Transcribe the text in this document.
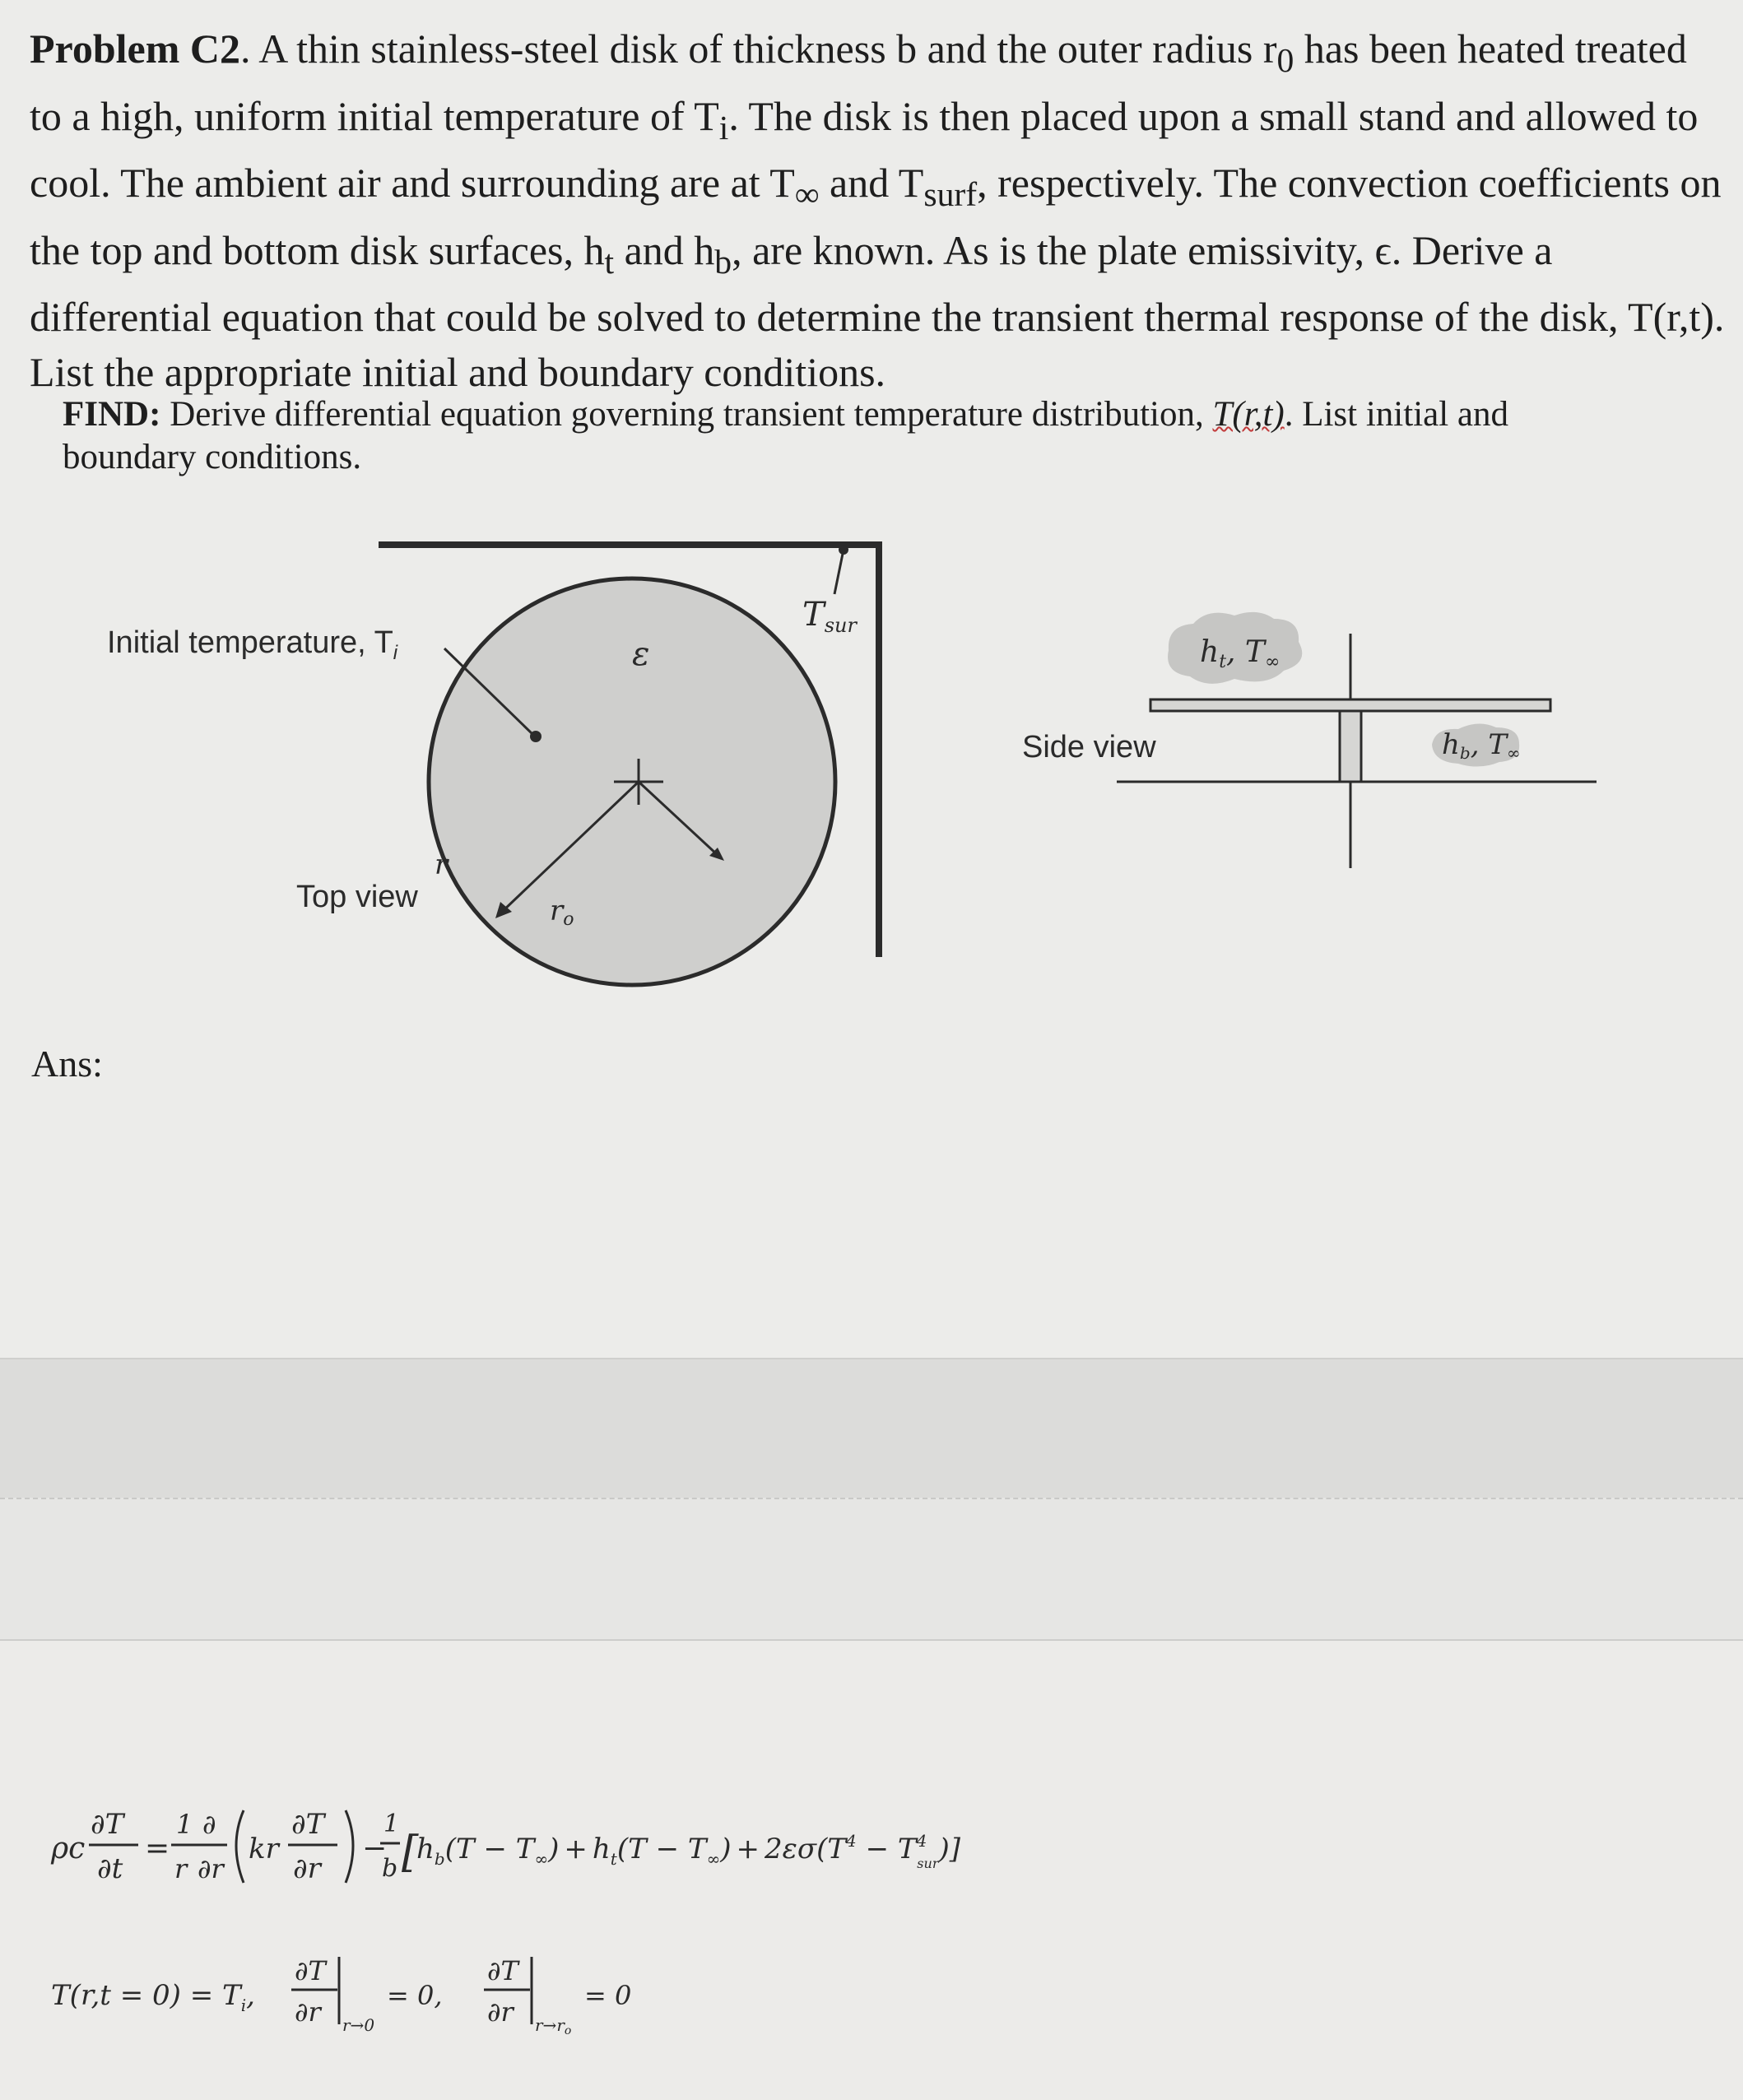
Problem C2. A thin stainless-steel disk of thickness b and the outer radius $r_0$ has been heated treated to a high, uniform initial temperature of $T_i$. The disk is then placed upon a small stand and allowed to cool. The ambient air and surrounding are at $T_\infty$ and $T_{surf}$, respectively. The convection coefficients on the top and bottom disk surfaces, $h_t$ and $h_b$, are known. As is the plate emissivity, ϵ. Derive a differential equation that could be solved to determine the transient thermal response of the disk, T(r,t). List the appropriate initial and boundary conditions.

FIND: Derive differential equation governing transient temperature distribution, T(r,t). List initial and boundary conditions.

$T_{sur}$
Initial temperature, $T_i$	ε
r
ro
Top view
Side view
ht, T∞
hb, T∞

Ans:

ρc
∂T
∂t
=
1 ∂
r ∂r
kr
∂T
∂r
−
1
b [
$h_b(T - T_\infty) + h_t(T - T_\infty) + 2\varepsilon\sigma(T^4 - T^4$ sur)]
$T(r,t = 0) = T_i$,
∂T
∂r r→0
= 0,
∂T
∂r $r\to r_o$
= 0
